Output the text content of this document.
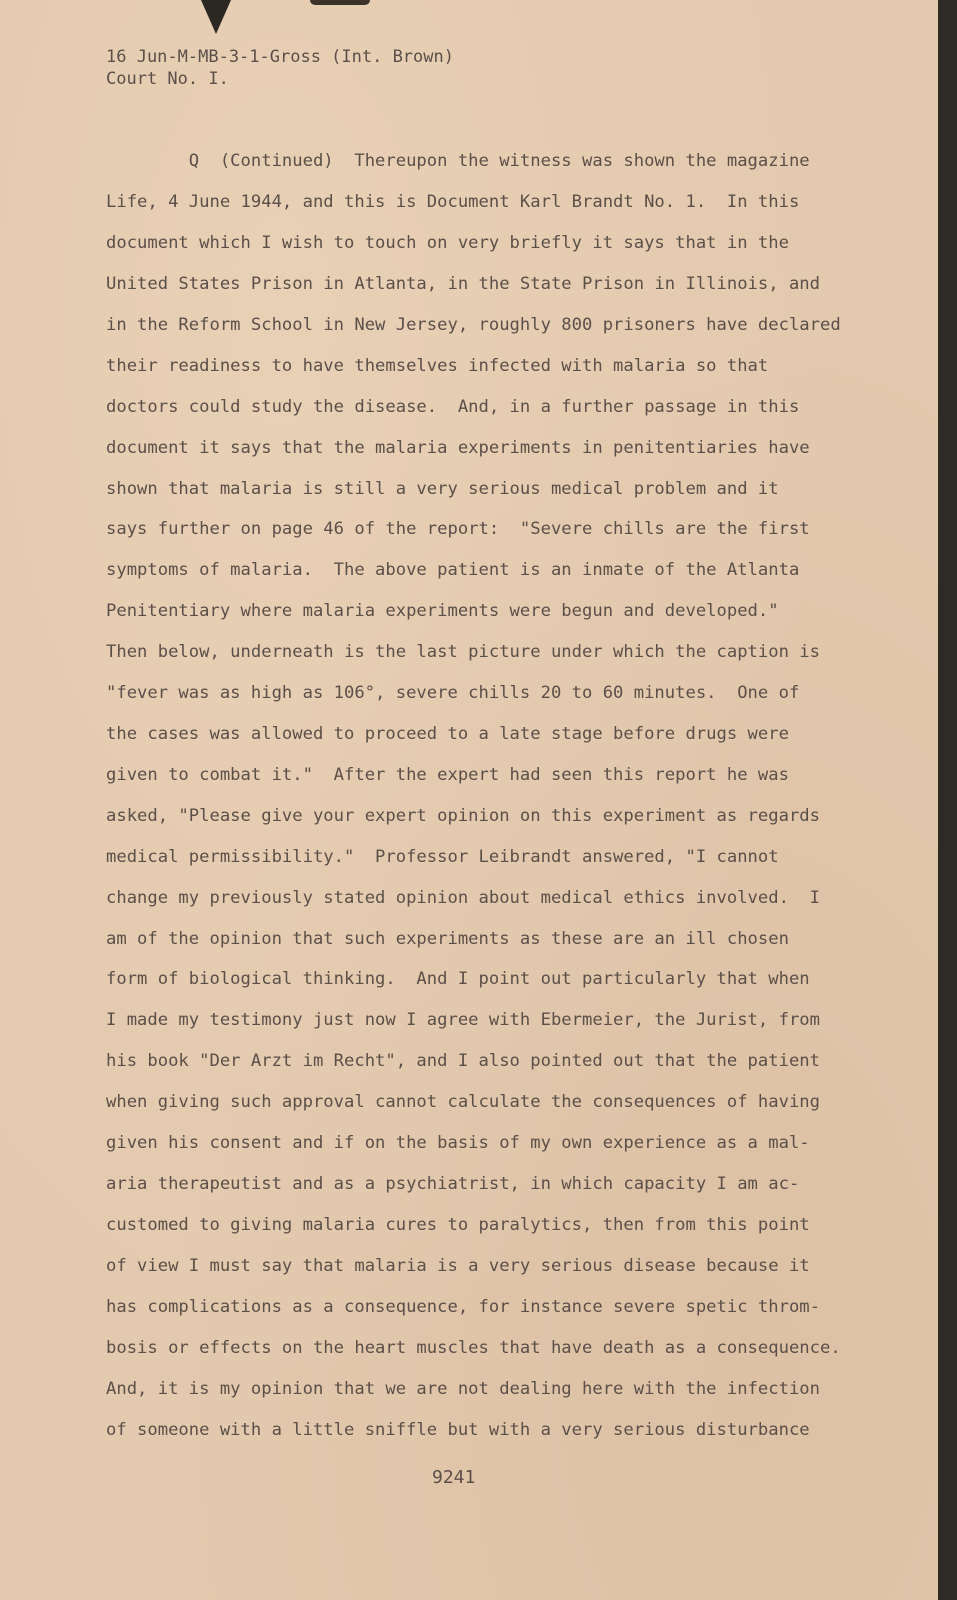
16 Jun-M-MB-3-1-Gross (Int. Brown)
Court No. I.
Q  (Continued)  Thereupon the witness was shown the magazine
Life, 4 June 1944, and this is Document Karl Brandt No. 1.  In this
document which I wish to touch on very briefly it says that in the
United States Prison in Atlanta, in the State Prison in Illinois, and
in the Reform School in New Jersey, roughly 800 prisoners have declared
their readiness to have themselves infected with malaria so that
doctors could study the disease.  And, in a further passage in this
document it says that the malaria experiments in penitentiaries have
shown that malaria is still a very serious medical problem and it
says further on page 46 of the report:  "Severe chills are the first
symptoms of malaria.  The above patient is an inmate of the Atlanta
Penitentiary where malaria experiments were begun and developed."
Then below, underneath is the last picture under which the caption is
"fever was as high as 106°, severe chills 20 to 60 minutes.  One of
the cases was allowed to proceed to a late stage before drugs were
given to combat it."  After the expert had seen this report he was
asked, "Please give your expert opinion on this experiment as regards
medical permissibility."  Professor Leibrandt answered, "I cannot
change my previously stated opinion about medical ethics involved.  I
am of the opinion that such experiments as these are an ill chosen
form of biological thinking.  And I point out particularly that when
I made my testimony just now I agree with Ebermeier, the Jurist, from
his book "Der Arzt im Recht", and I also pointed out that the patient
when giving such approval cannot calculate the consequences of having
given his consent and if on the basis of my own experience as a mal-
aria therapeutist and as a psychiatrist, in which capacity I am ac-
customed to giving malaria cures to paralytics, then from this point
of view I must say that malaria is a very serious disease because it
has complications as a consequence, for instance severe spetic throm-
bosis or effects on the heart muscles that have death as a consequence.
And, it is my opinion that we are not dealing here with the infection
of someone with a little sniffle but with a very serious disturbance
9241
